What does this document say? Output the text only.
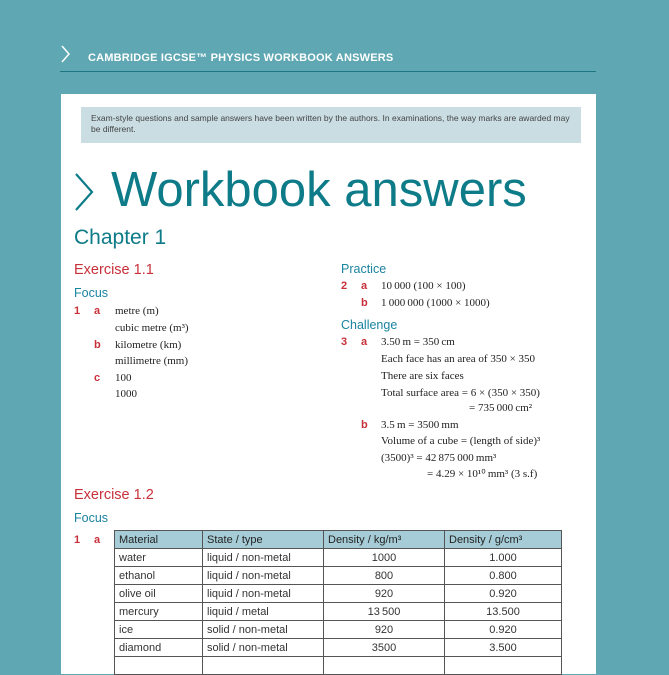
CAMBRIDGE IGCSE™ PHYSICS WORKBOOK ANSWERS
Exam-style questions and sample answers have been written by the authors. In examinations, the way marks are awarded may be different.
Workbook answers
Chapter 1
Exercise 1.1
Focus
1 a metre (m)
cubic metre (m³)
b kilometre (km)
millimetre (mm)
c 100
1000
Practice
2 a 10 000 (100 × 100)
b 1 000 000 (1000 × 1000)
Challenge
3 a 3.50 m = 350 cm
Each face has an area of 350 × 350
There are six faces
Total surface area = 6 × (350 × 350)
= 735 000 cm²
b 3.5 m = 3500 mm
Volume of a cube = (length of side)³
(3500)³ = 42 875 000 mm³
= 4.29 × 10¹⁰ mm³ (3 s.f)
Exercise 1.2
Focus
1 a Material	State / type	Density / kg/m³	Density / g/cm³
water	liquid / non-metal	1000	1.000
ethanol	liquid / non-metal	800	0.800
olive oil	liquid / non-metal	920	0.920
mercury	liquid / metal	13 500	13.500
ice	solid / non-metal	920	0.920
diamond	solid / non-metal	3500	3.500
